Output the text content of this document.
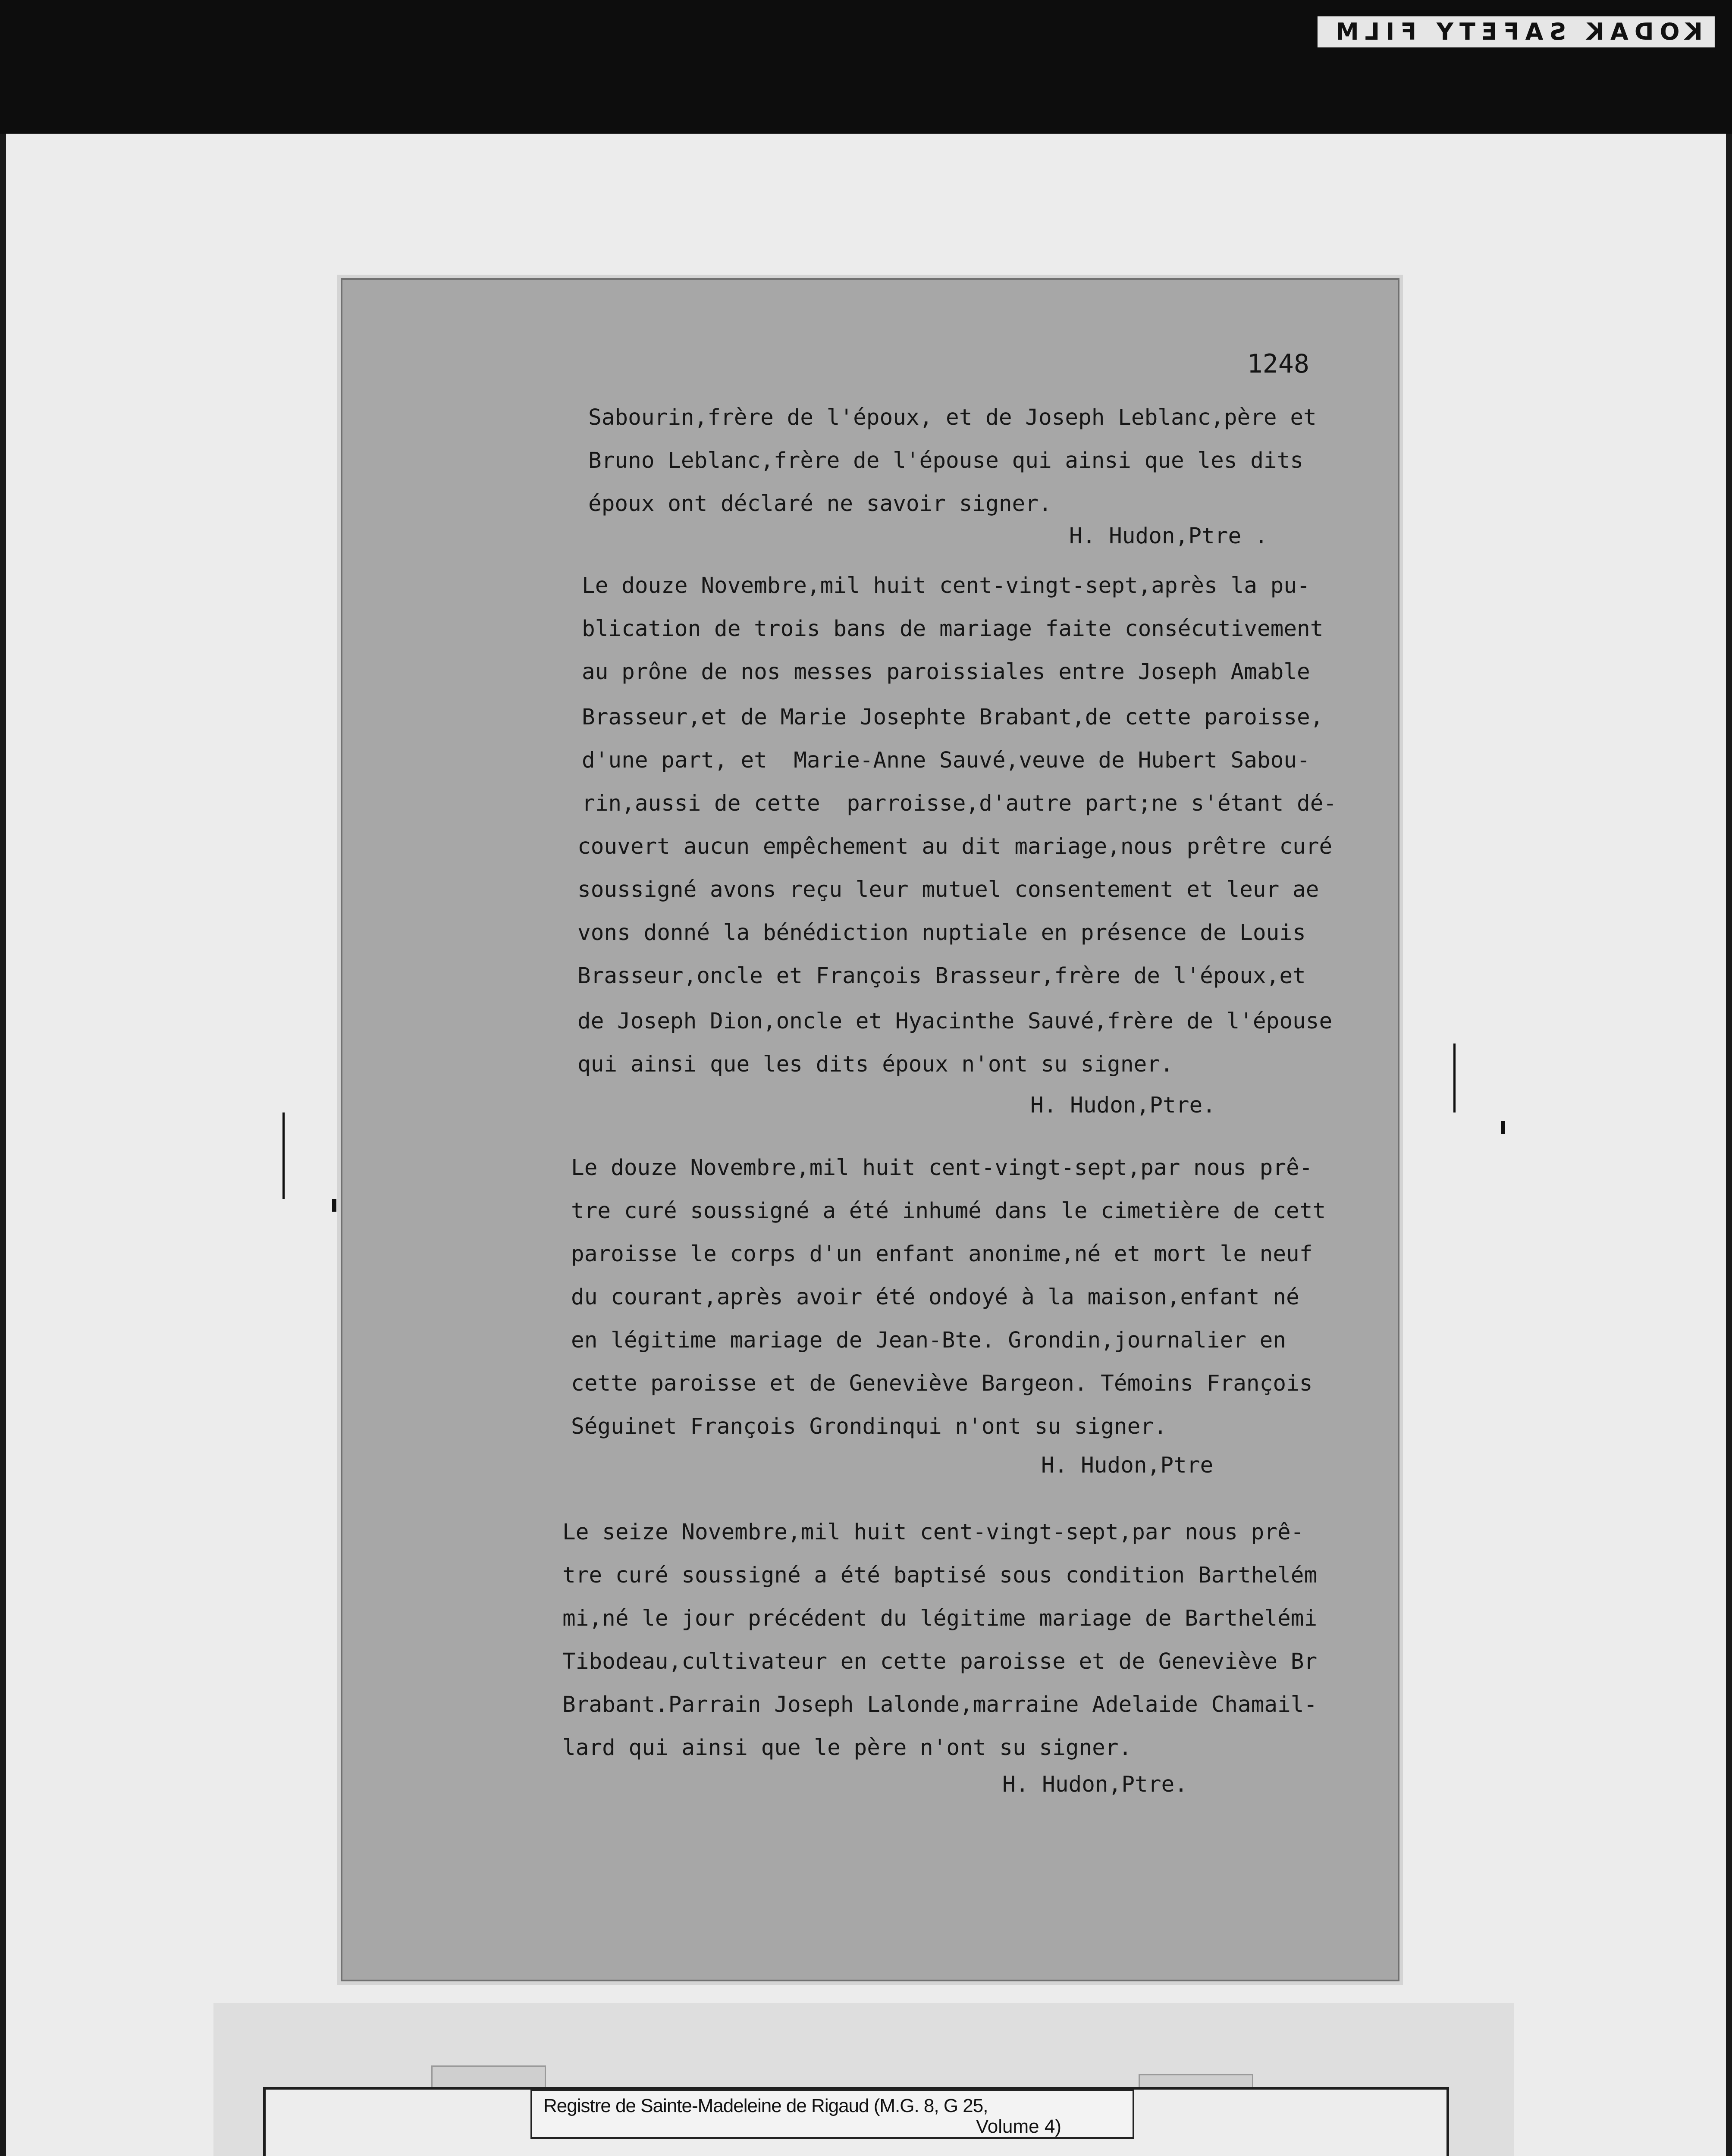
KODAK SAFETY FILM
1248
Sabourin,frère de l'époux, et de Joseph Leblanc,père et
Bruno Leblanc,frère de l'épouse qui ainsi que les dits
époux ont déclaré ne savoir signer.
H. Hudon,Ptre .
Le douze Novembre,mil huit cent-vingt-sept,après la pu-
blication de trois bans de mariage faite consécutivement
au prône de nos messes paroissiales entre Joseph Amable
Brasseur,et de Marie Josephte Brabant,de cette paroisse,
d'une part, et  Marie-Anne Sauvé,veuve de Hubert Sabou-
rin,aussi de cette  parroisse,d'autre part;ne s'étant dé-
couvert aucun empêchement au dit mariage,nous prêtre curé
soussigné avons reçu leur mutuel consentement et leur ae
vons donné la bénédiction nuptiale en présence de Louis
Brasseur,oncle et François Brasseur,frère de l'époux,et
de Joseph Dion,oncle et Hyacinthe Sauvé,frère de l'épouse
qui ainsi que les dits époux n'ont su signer.
H. Hudon,Ptre.
Le douze Novembre,mil huit cent-vingt-sept,par nous prê-
tre curé soussigné a été inhumé dans le cimetière de cett
paroisse le corps d'un enfant anonime,né et mort le neuf
du courant,après avoir été ondoyé à la maison,enfant né
en légitime mariage de Jean-Bte. Grondin,journalier en
cette paroisse et de Geneviève Bargeon. Témoins François
Séguinet François Grondinqui n'ont su signer.
H. Hudon,Ptre
Le seize Novembre,mil huit cent-vingt-sept,par nous prê-
tre curé soussigné a été baptisé sous condition Barthelém
mi,né le jour précédent du légitime mariage de Barthelémi
Tibodeau,cultivateur en cette paroisse et de Geneviève Br
Brabant.Parrain Joseph Lalonde,marraine Adelaide Chamail-
lard qui ainsi que le père n'ont su signer.
H. Hudon,Ptre.
Registre de Sainte-Madeleine de Rigaud (M.G. 8, G 25,
Volume 4)
